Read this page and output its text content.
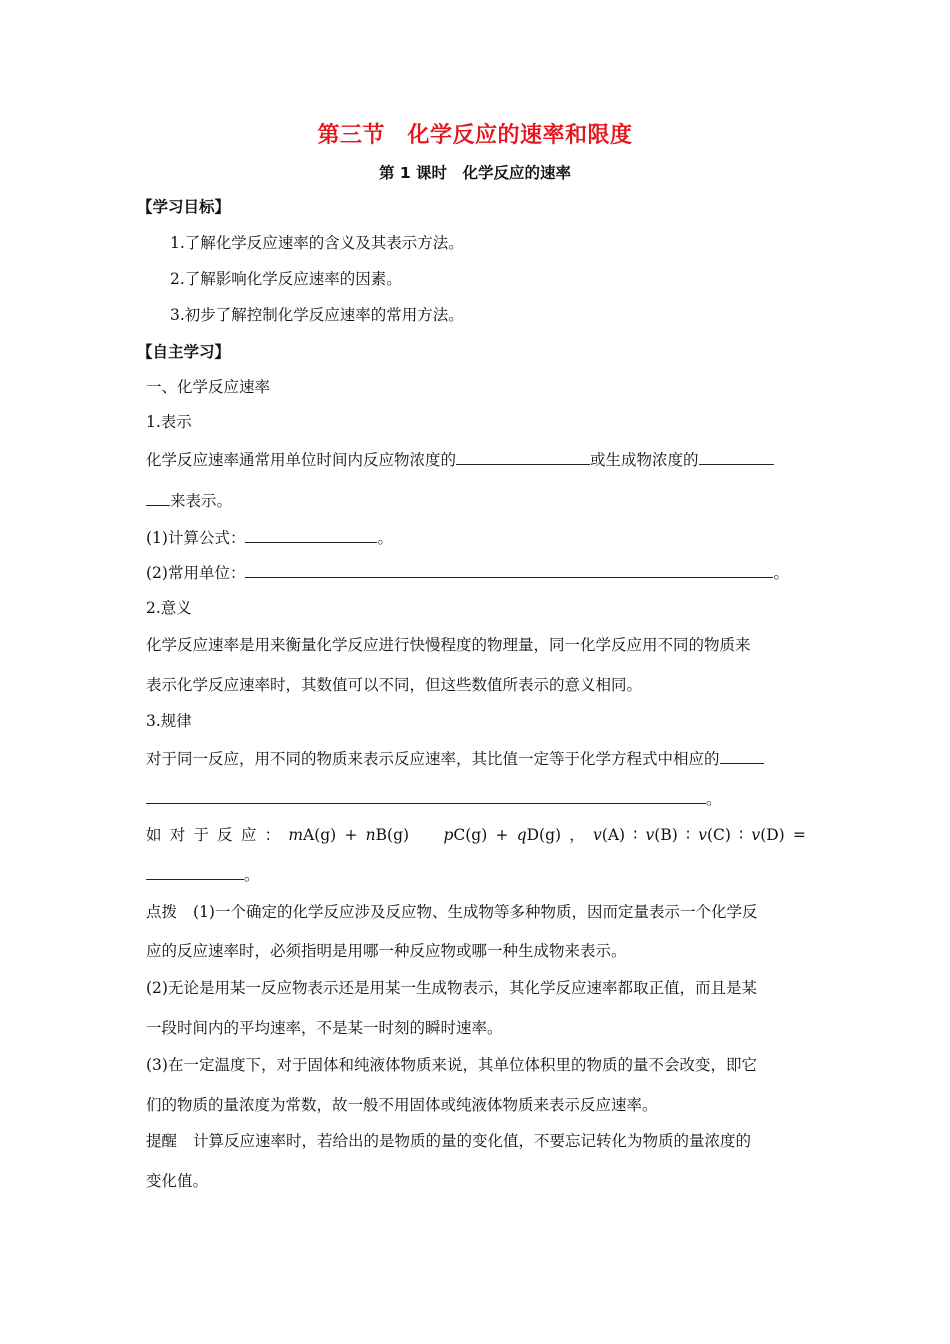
第三节　化学反应的速率和限度
第 1 课时　化学反应的速率
【学习目标】
1.了解化学反应速率的含义及其表示方法。
2.了解影响化学反应速率的因素。
3.初步了解控制化学反应速率的常用方法。
【自主学习】
一、化学反应速率
1.表示
化学反应速率通常用单位时间内反应物浓度的	或生成物浓度的
来表示。
(1)计算公式：	。
(2)常用单位：	。
2.意义
化学反应速率是用来衡量化学反应进行快慢程度的物理量，同一化学反应用不同的物质来
表示化学反应速率时，其数值可以不同，但这些数值所表示的意义相同。
3.规律
对于同一反应，用不同的物质来表示反应速率，其比值一定等于化学方程式中相应的
。
如 对 于 反 应 ： mA(g) + nB(g) pC(g) + qD(g) ， v(A) ∶ v(B) ∶ v(C) ∶ v(D) =
。
点拨 (1)一个确定的化学反应涉及反应物、生成物等多种物质，因而定量表示一个化学反
应的反应速率时，必须指明是用哪一种反应物或哪一种生成物来表示。
(2)无论是用某一反应物表示还是用某一生成物表示，其化学反应速率都取正值，而且是某
一段时间内的平均速率，不是某一时刻的瞬时速率。
(3)在一定温度下，对于固体和纯液体物质来说，其单位体积里的物质的量不会改变，即它
们的物质的量浓度为常数，故一般不用固体或纯液体物质来表示反应速率。
提醒 计算反应速率时，若给出的是物质的量的变化值，不要忘记转化为物质的量浓度的
变化值。
